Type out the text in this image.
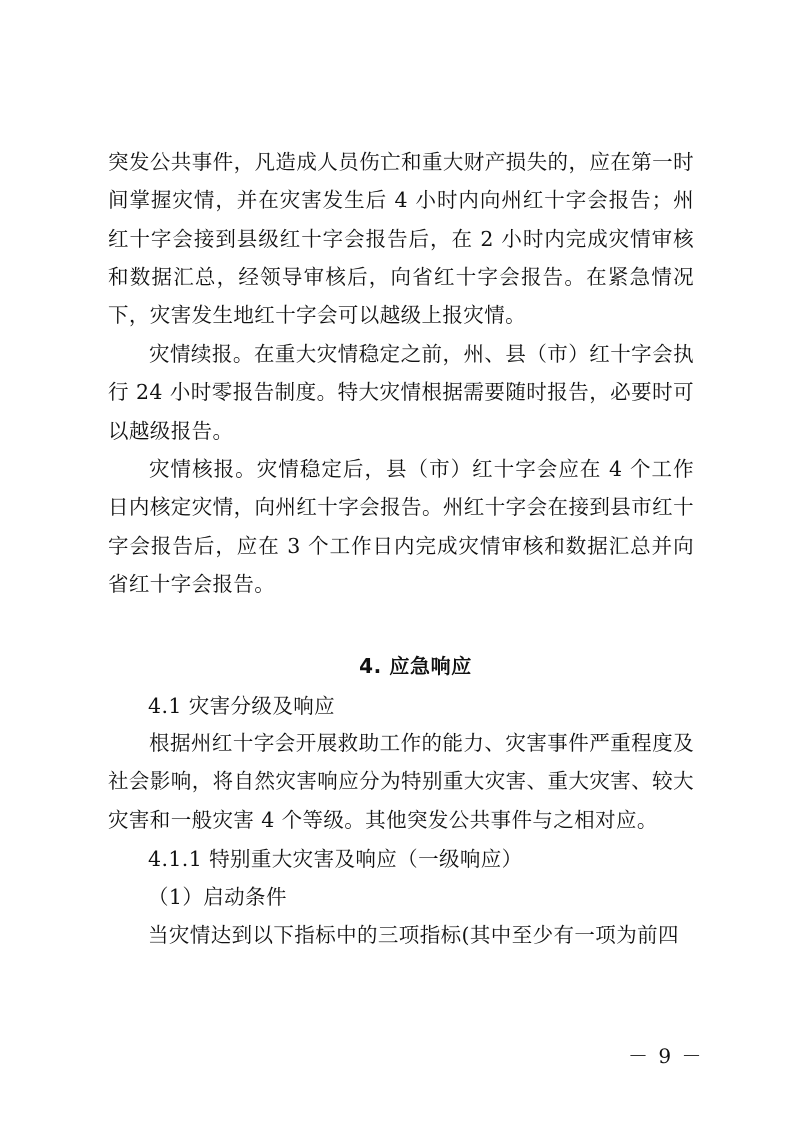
突发公共事件，凡造成人员伤亡和重大财产损失的，应在第一时间掌握灾情，并在灾害发生后 4 小时内向州红十字会报告；州红十字会接到县级红十字会报告后，在 2 小时内完成灾情审核和数据汇总，经领导审核后，向省红十字会报告。在紧急情况下，灾害发生地红十字会可以越级上报灾情。

灾情续报。在重大灾情稳定之前，州、县（市）红十字会执行 24 小时零报告制度。特大灾情根据需要随时报告，必要时可以越级报告。

灾情核报。灾情稳定后，县（市）红十字会应在 4 个工作日内核定灾情，向州红十字会报告。州红十字会在接到县市红十字会报告后，应在 3 个工作日内完成灾情审核和数据汇总并向省红十字会报告。

4. 应急响应

4.1 灾害分级及响应

根据州红十字会开展救助工作的能力、灾害事件严重程度及社会影响，将自然灾害响应分为特别重大灾害、重大灾害、较大灾害和一般灾害 4 个等级。其他突发公共事件与之相对应。

4.1.1 特别重大灾害及响应（一级响应）

（1）启动条件

当灾情达到以下指标中的三项指标(其中至少有一项为前四

－ 9 －
